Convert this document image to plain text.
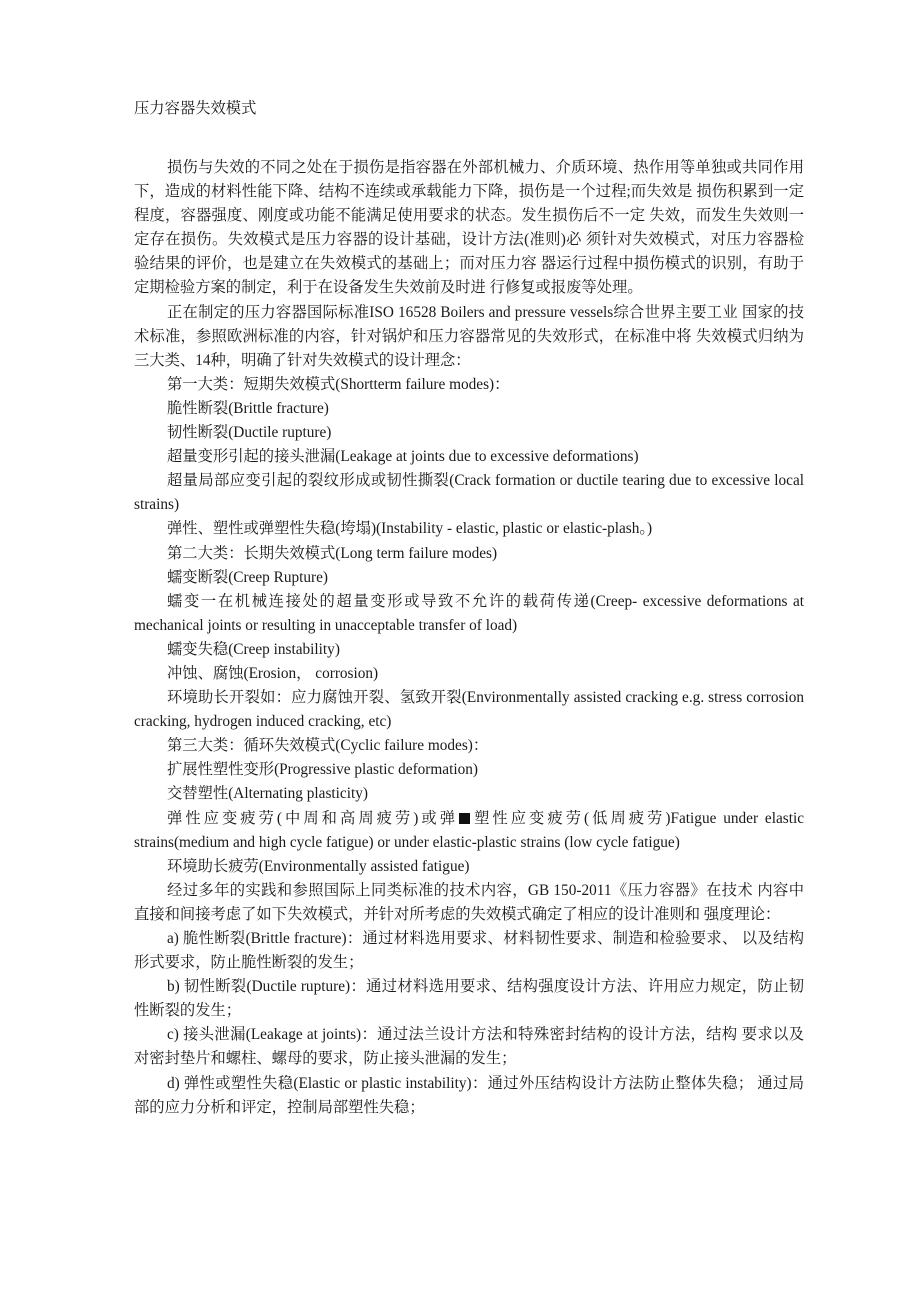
压力容器失效模式

损伤与失效的不同之处在于损伤是指容器在外部机械力、介质环境、热作用等单独或共同作用下，造成的材料性能下降、结构不连续或承载能力下降，损伤是一个过程;而失效是 损伤积累到一定程度，容器强度、刚度或功能不能满足使用要求的状态。发生损伤后不一定 失效，而发生失效则一定存在损伤。失效模式是压力容器的设计基础，设计方法(准则)必 须针对失效模式，对压力容器检验结果的评价，也是建立在失效模式的基础上；而对压力容 器运行过程中损伤模式的识别，有助于定期检验方案的制定，利于在设备发生失效前及时进 行修复或报废等处理。

正在制定的压力容器国际标准ISO 16528 Boilers and pressure vessels综合世界主要工业 国家的技术标准，参照欧洲标准的内容，针对锅炉和压力容器常见的失效形式，在标准中将 失效模式归纳为三大类、14种，明确了针对失效模式的设计理念：

第一大类：短期失效模式(Shortterm failure modes)：

脆性断裂(Brittle fracture)

韧性断裂(Ductile rupture)

超量变形引起的接头泄漏(Leakage at joints due to excessive deformations)

超量局部应变引起的裂纹形成或韧性撕裂(Crack formation or ductile tearing due to excessive local strains)

弹性、塑性或弹塑性失稳(垮塌)(Instability - elastic, plastic or elastic-plash。)

第二大类：长期失效模式(Long term failure modes)

蠕变断裂(Creep Rupture)

蠕变一在机械连接处的超量变形或导致不允许的载荷传递(Creep- excessive deformations at mechanical joints or resulting in unacceptable transfer of load)

蠕变失稳(Creep instability)

冲蚀、腐蚀(Erosion， corrosion)

环境助长开裂如：应力腐蚀开裂、氢致开裂(Environmentally assisted cracking e.g. stress corrosion cracking, hydrogen induced cracking, etc)

第三大类：循环失效模式(Cyclic failure modes)：

扩展性塑性变形(Progressive plastic deformation)

交替塑性(Alternating plasticity)

弹性应变疲劳(中周和高周疲劳)或弹 塑性应变疲劳(低周疲劳)Fatigue under elastic strains(medium and high cycle fatigue) or under elastic-plastic strains (low cycle fatigue)

环境助长疲劳(Environmentally assisted fatigue)

经过多年的实践和参照国际上同类标准的技术内容，GB 150-2011《压力容器》在技术 内容中直接和间接考虑了如下失效模式，并针对所考虑的失效模式确定了相应的设计准则和 强度理论：

a) 脆性断裂(Brittle fracture)：通过材料选用要求、材料韧性要求、制造和检验要求、 以及结构形式要求，防止脆性断裂的发生；

b) 韧性断裂(Ductile rupture)：通过材料选用要求、结构强度设计方法、许用应力规定，防止韧性断裂的发生；

c) 接头泄漏(Leakage at joints)：通过法兰设计方法和特殊密封结构的设计方法，结构 要求以及对密封垫片和螺柱、螺母的要求，防止接头泄漏的发生；

d) 弹性或塑性失稳(Elastic or plastic instability)：通过外压结构设计方法防止整体失稳； 通过局部的应力分析和评定，控制局部塑性失稳；
